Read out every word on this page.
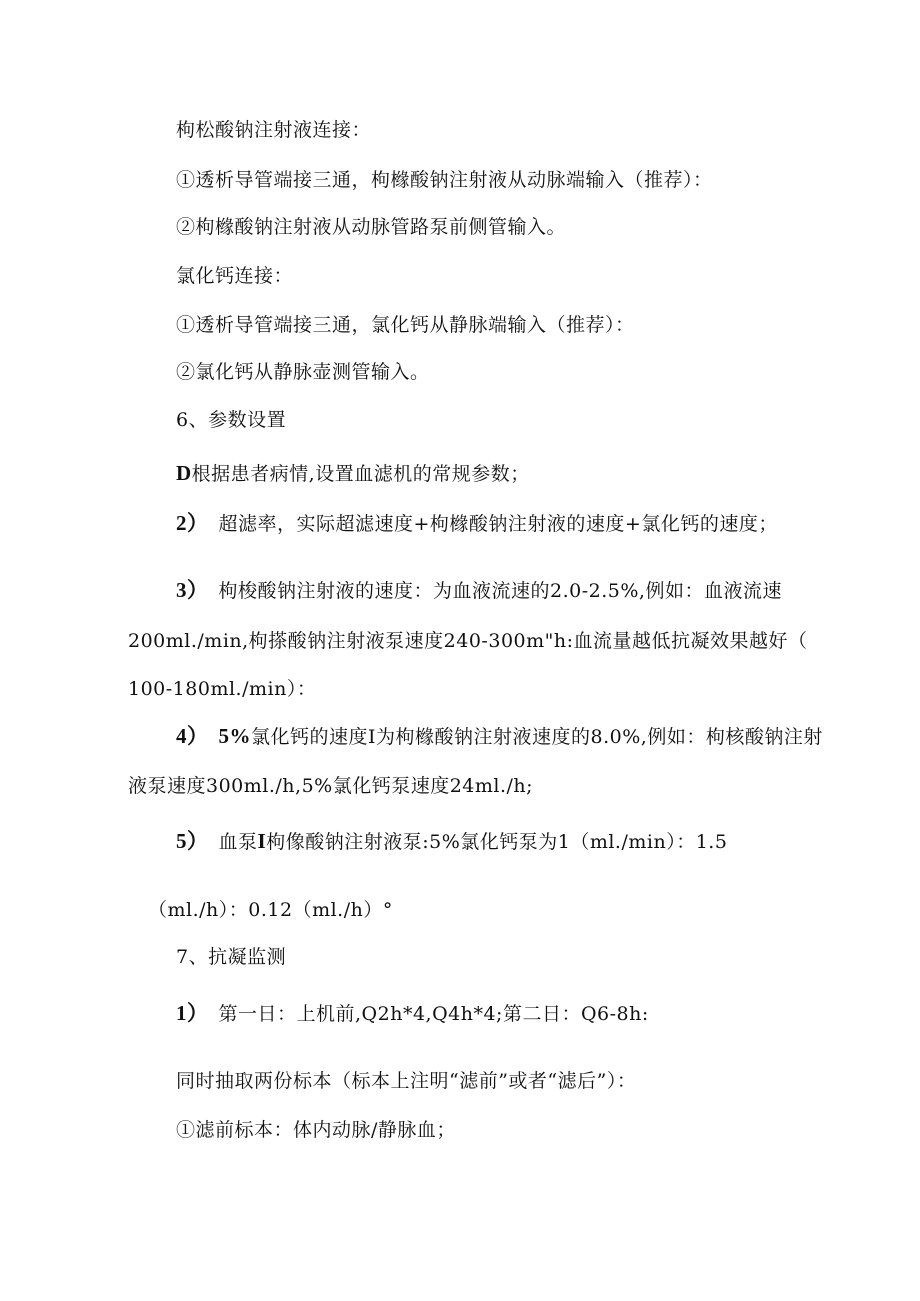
枸松酸钠注射液连接：
①透析导管端接三通，枸橼酸钠注射液从动脉端输入（推荐）：
②枸橼酸钠注射液从动脉管路泵前侧管输入。
氯化钙连接：
①透析导管端接三通，氯化钙从静脉端输入（推荐）：
②氯化钙从静脉壶测管输入。
6、参数设置
D根据患者病情,设置血滤机的常规参数；
2） 超滤率，实际超滤速度+枸橼酸钠注射液的速度+氯化钙的速度；
3） 枸梭酸钠注射液的速度：为血液流速的2.0-2.5%,例如：血液流速
200ml./min,枸搽酸钠注射液泵速度240-300m"h:血流量越低抗凝效果越好（
100-180ml./min）：
4） 5%氯化钙的速度I为枸橼酸钠注射液速度的8.0%,例如：枸核酸钠注射
液泵速度300ml./h,5%氯化钙泵速度24ml./h;
5） 血泵I枸像酸钠注射液泵:5%氯化钙泵为1（ml./min）：1.5
（ml./h）：0.12（ml./h）°
7、抗凝监测
1） 第一日：上机前,Q2h*4,Q4h*4;第二日：Q6-8h:
同时抽取两份标本（标本上注明“滤前”或者“滤后”）：
①滤前标本：体内动脉/静脉血；
